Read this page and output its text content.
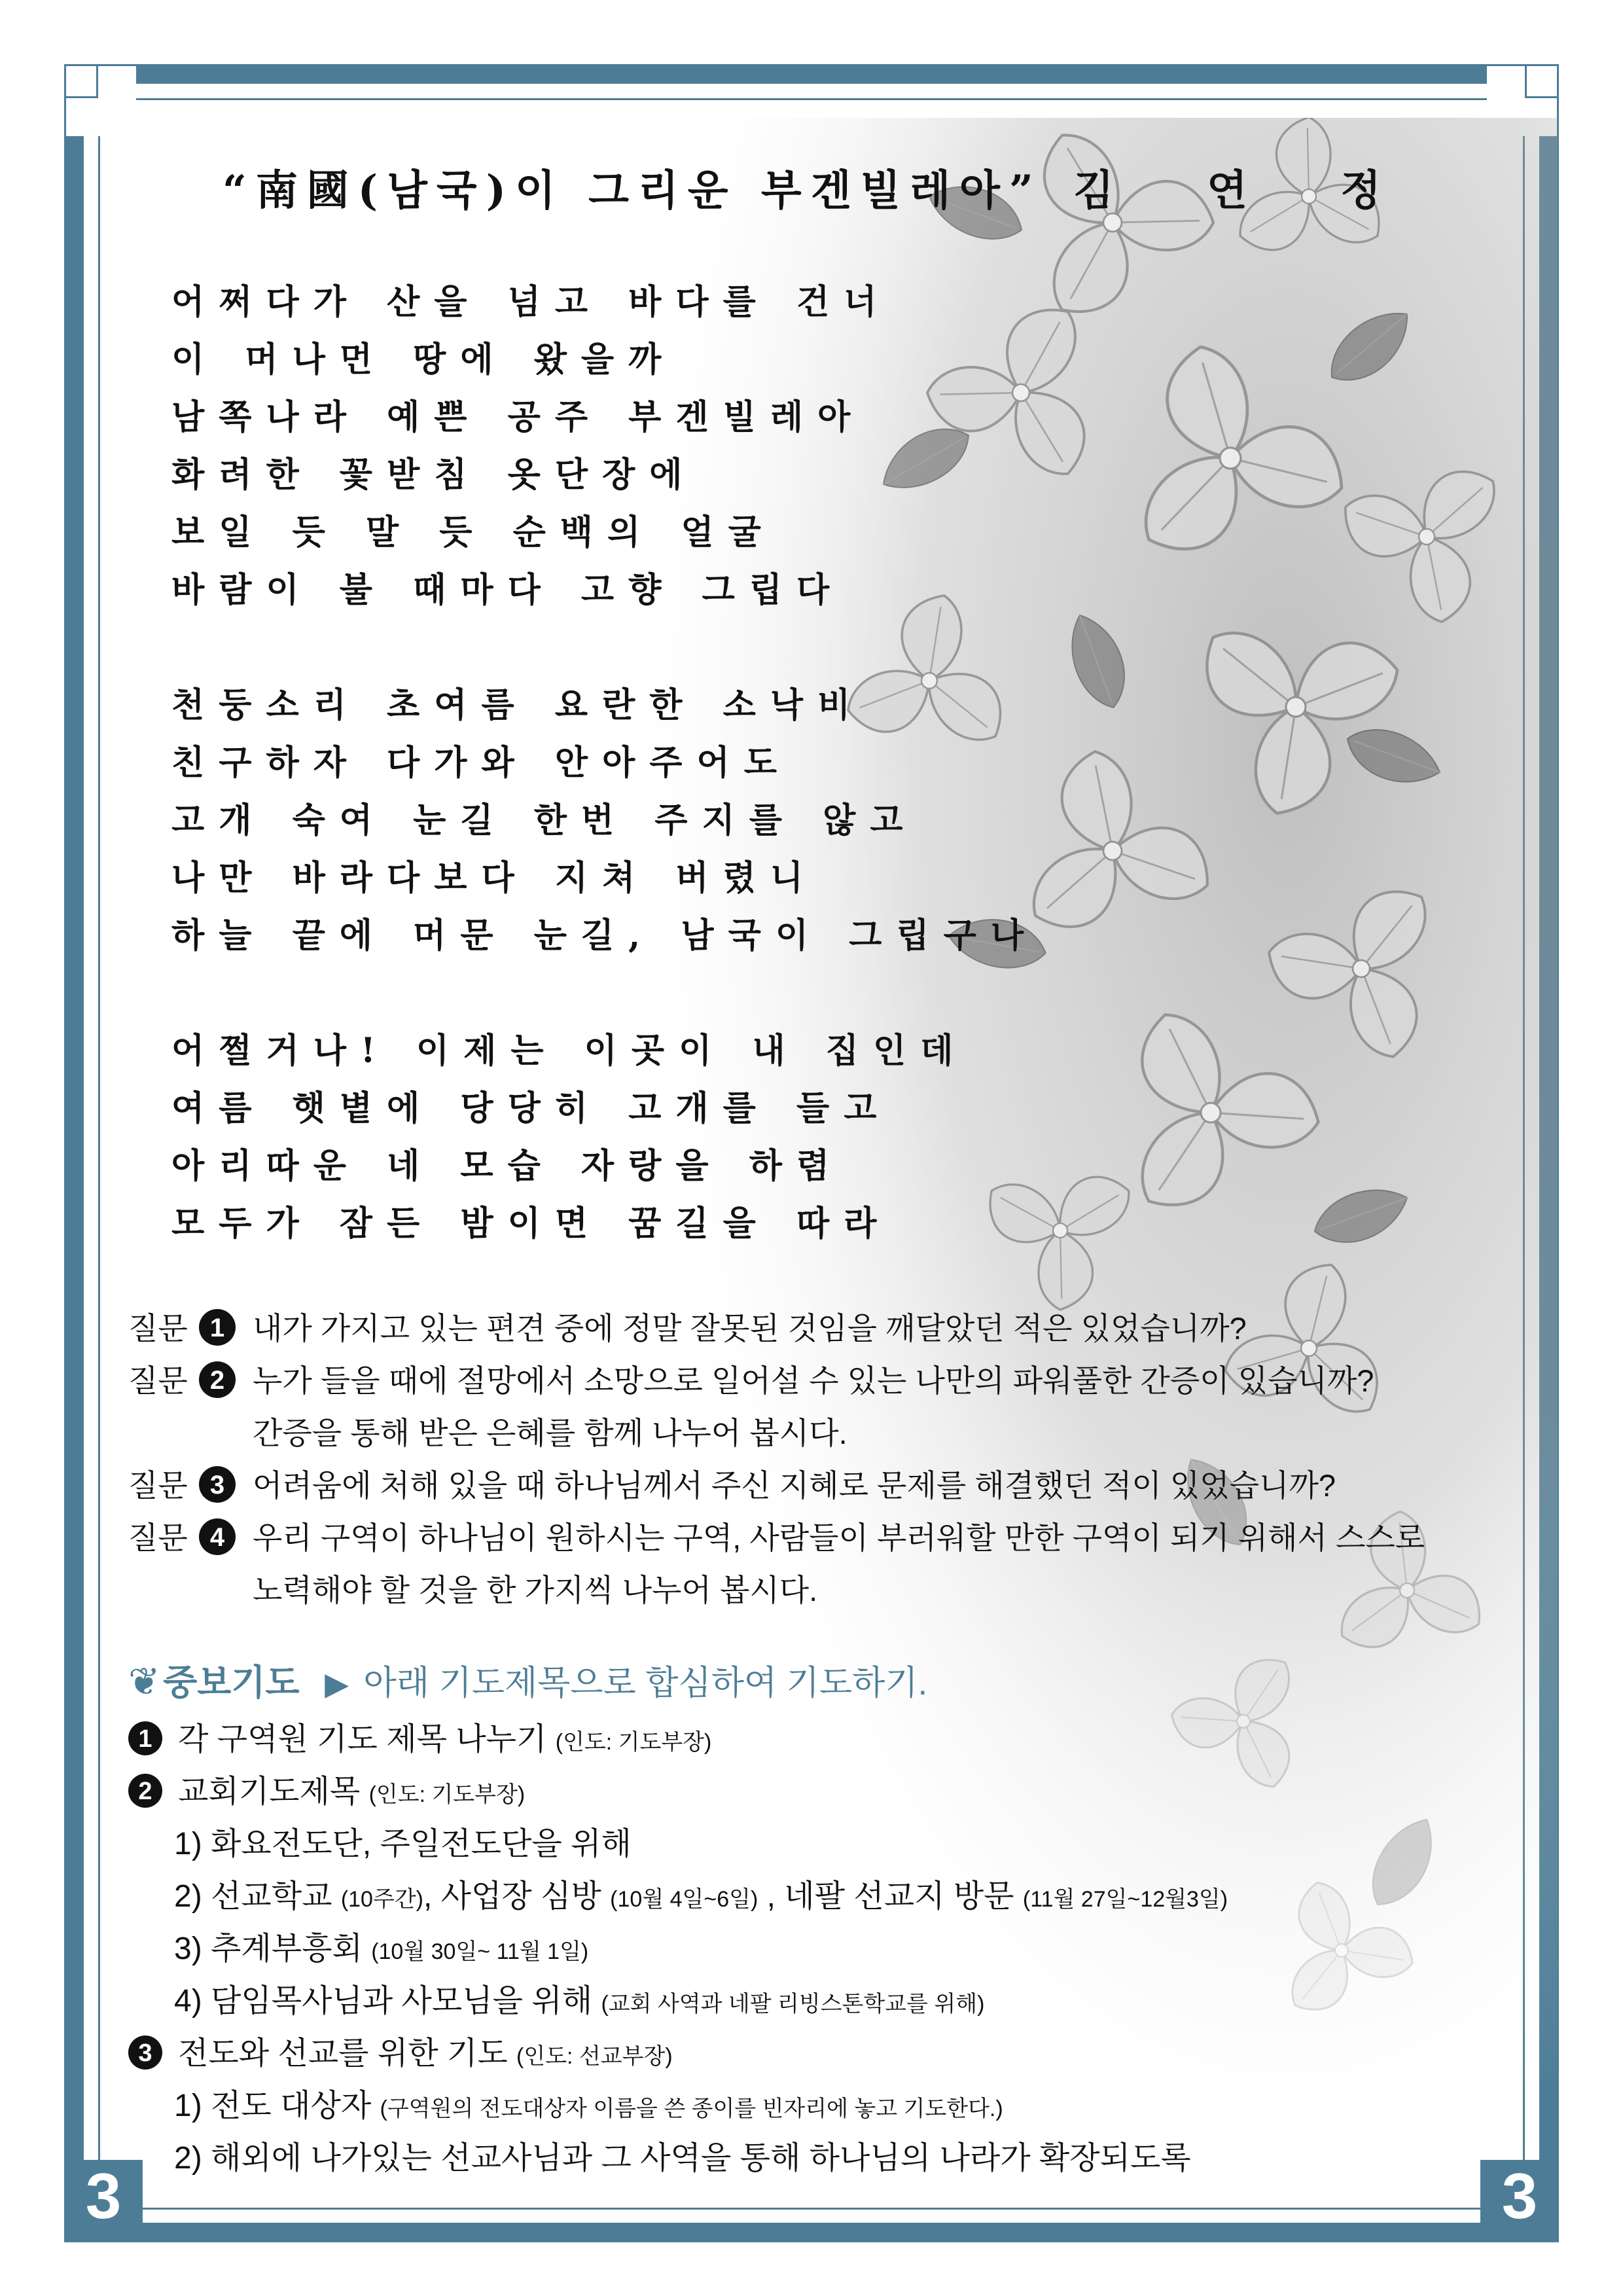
“南國(남국)이 그리운 부겐빌레아” 김 연 정
어쩌다가 산을 넘고 바다를 건너
이 머나먼 땅에 왔을까
남쪽나라 예쁜 공주 부겐빌레아
화려한 꽃받침 옷단장에
보일 듯 말 듯 순백의 얼굴
바람이 불 때마다 고향 그립다
천둥소리 초여름 요란한 소낙비
친구하자 다가와 안아주어도
고개 숙여 눈길 한번 주지를 않고
나만 바라다보다 지쳐 버렸니
하늘 끝에 머문 눈길, 남국이 그립구나
어쩔거나! 이제는 이곳이 내 집인데
여름 햇볕에 당당히 고개를 들고
아리따운 네 모습 자랑을 하렴
모두가 잠든 밤이면 꿈길을 따라
질문 1 내가 가지고 있는 편견 중에 정말 잘못된 것임을 깨달았던 적은 있었습니까?
질문 2 누가 들을 때에 절망에서 소망으로 일어설 수 있는 나만의 파워풀한 간증이 있습니까?
간증을 통해 받은 은혜를 함께 나누어 봅시다.
질문 3 어려움에 처해 있을 때 하나님께서 주신 지혜로 문제를 해결했던 적이 있었습니까?
질문 4 우리 구역이 하나님이 원하시는 구역, 사람들이 부러워할 만한 구역이 되기 위해서 스스로
노력해야 할 것을 한 가지씩 나누어 봅시다.
❦ 중보기도 ▶ 아래 기도제목으로 합심하여 기도하기.
1 각 구역원 기도 제목 나누기 (인도: 기도부장)
2 교회기도제목 (인도: 기도부장)
1) 화요전도단, 주일전도단을 위해
2) 선교학교 (10주간), 사업장 심방 (10월 4일~6일) , 네팔 선교지 방문 (11월 27일~12월3일)
3) 추계부흥회 (10월 30일~ 11월 1일)
4) 담임목사님과 사모님을 위해 (교회 사역과 네팔 리빙스톤학교를 위해)
3 전도와 선교를 위한 기도 (인도: 선교부장)
1) 전도 대상자 (구역원의 전도대상자 이름을 쓴 종이를 빈자리에 놓고 기도한다.)
2) 해외에 나가있는 선교사님과 그 사역을 통해 하나님의 나라가 확장되도록
3	3
